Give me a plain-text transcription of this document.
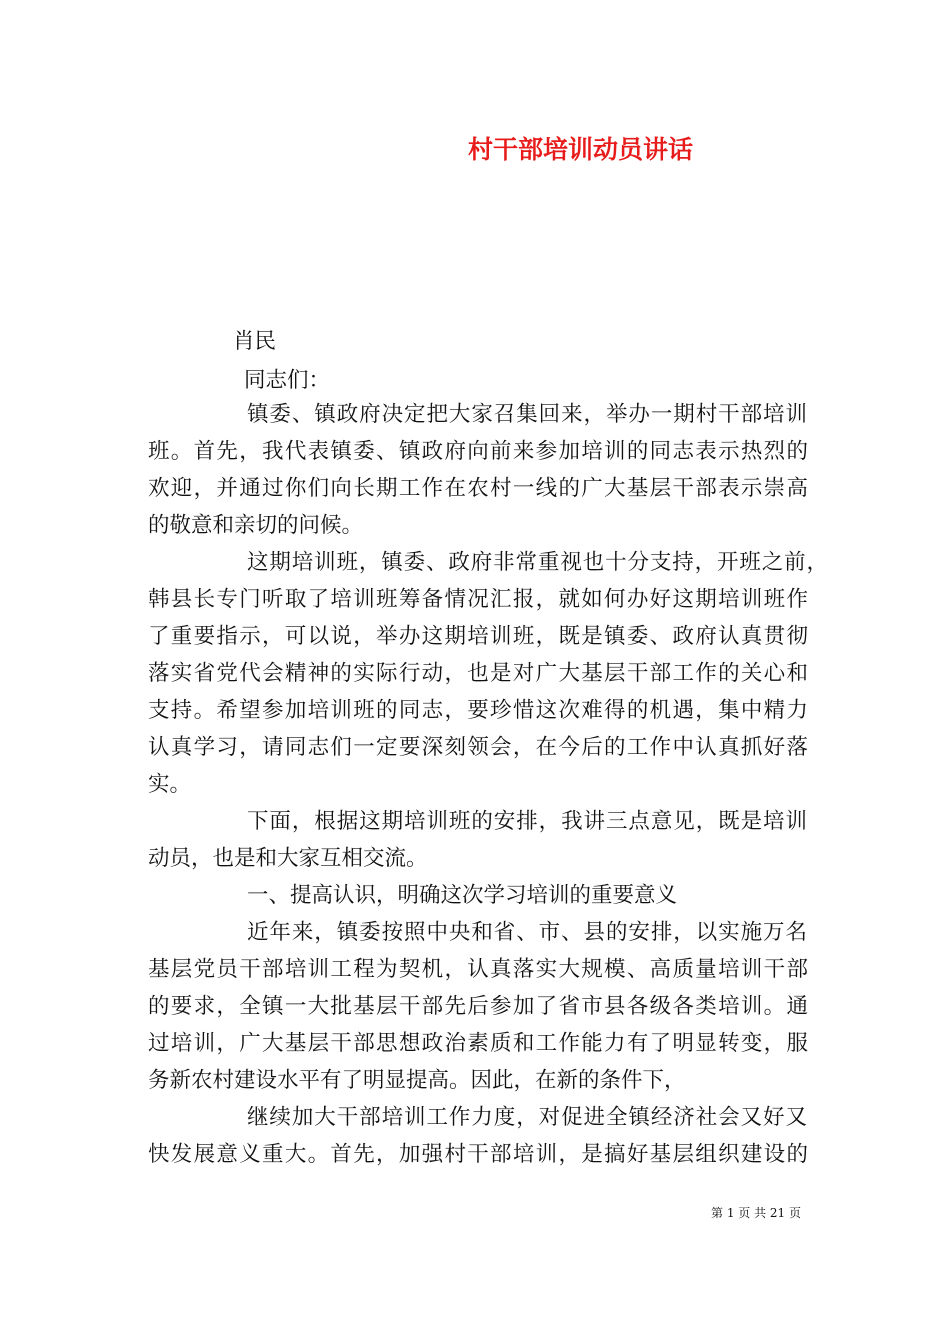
村干部培训动员讲话
肖民
同志们：
镇委、镇政府决定把大家召集回来，举办一期村干部培训
班。首先，我代表镇委、镇政府向前来参加培训的同志表示热烈的
欢迎，并通过你们向长期工作在农村一线的广大基层干部表示崇高
的敬意和亲切的问候。
这期培训班，镇委、政府非常重视也十分支持，开班之前，
韩县长专门听取了培训班筹备情况汇报，就如何办好这期培训班作
了重要指示，可以说，举办这期培训班，既是镇委、政府认真贯彻
落实省党代会精神的实际行动，也是对广大基层干部工作的关心和
支持。希望参加培训班的同志，要珍惜这次难得的机遇，集中精力
认真学习，请同志们一定要深刻领会，在今后的工作中认真抓好落
实。
下面，根据这期培训班的安排，我讲三点意见，既是培训
动员，也是和大家互相交流。
一、提高认识，明确这次学习培训的重要意义
近年来，镇委按照中央和省、市、县的安排，以实施万名
基层党员干部培训工程为契机，认真落实大规模、高质量培训干部
的要求，全镇一大批基层干部先后参加了省市县各级各类培训。通
过培训，广大基层干部思想政治素质和工作能力有了明显转变，服
务新农村建设水平有了明显提高。因此，在新的条件下，
继续加大干部培训工作力度，对促进全镇经济社会又好又
快发展意义重大。首先，加强村干部培训，是搞好基层组织建设的
第 1 页 共 21 页
